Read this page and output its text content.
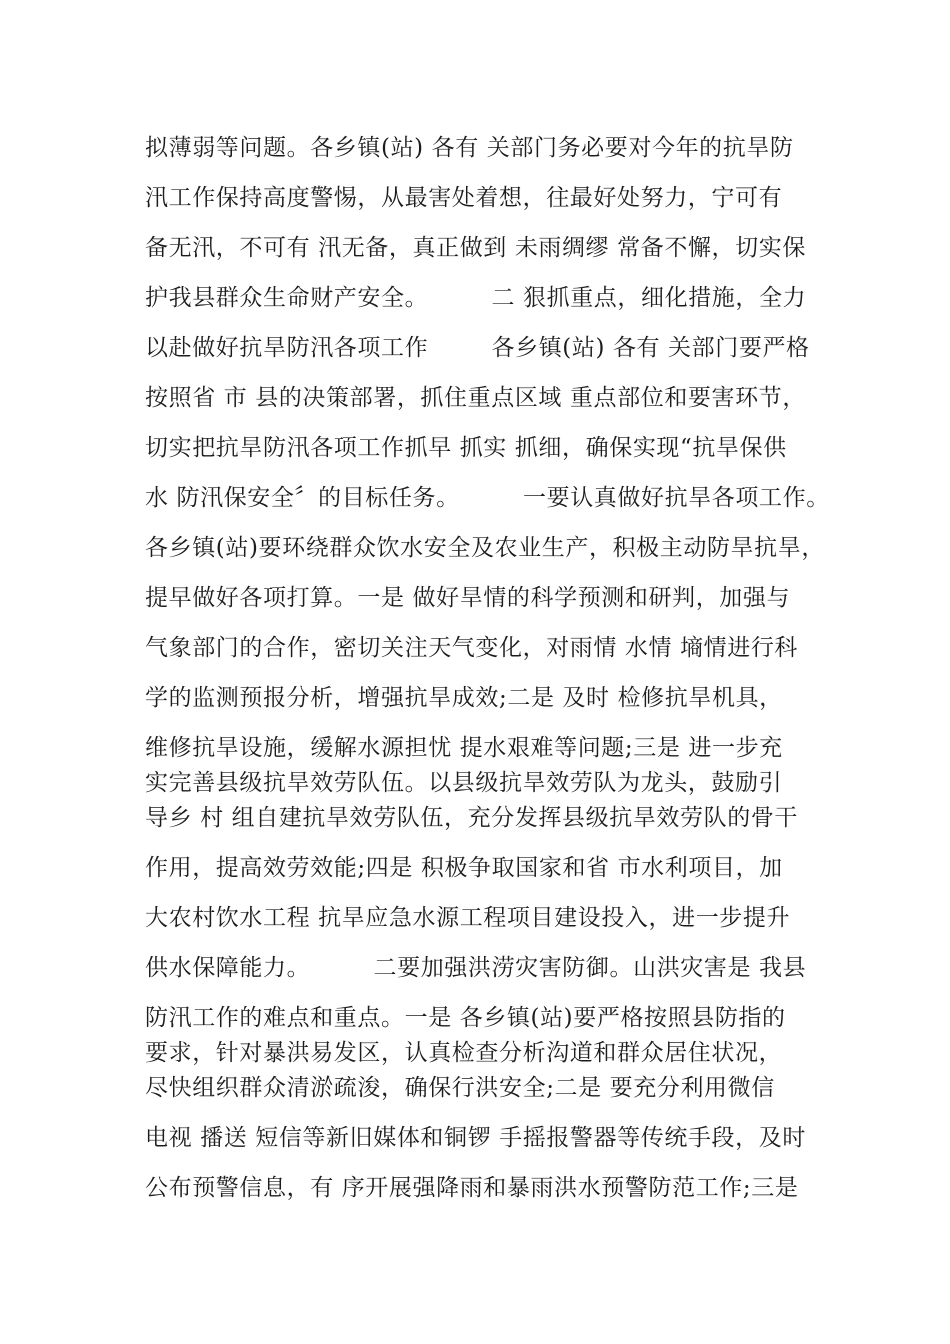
拟薄弱等问题。各乡镇(站) 各有 关部门务必要对今年的抗旱防
汛工作保持高度警惕，从最害处着想，往最好处努力，宁可有
备无汛，不可有 汛无备，真正做到 未雨绸缪 常备不懈，切实保
护我县群众生命财产安全。        二 狠抓重点，细化措施，全力
以赴做好抗旱防汛各项工作        各乡镇(站) 各有 关部门要严格
按照省 市 县的决策部署，抓住重点区域 重点部位和要害环节，
切实把抗旱防汛各项工作抓早 抓实 抓细，确保实现“抗旱保供
水 防汛保安全〞的目标任务。        一要认真做好抗旱各项工作。
各乡镇(站)要环绕群众饮水安全及农业生产，积极主动防旱抗旱，
提早做好各项打算。一是 做好旱情的科学预测和研判，加强与
气象部门的合作，密切关注天气变化，对雨情 水情 墒情进行科
学的监测预报分析，增强抗旱成效;二是 及时 检修抗旱机具，
维修抗旱设施，缓解水源担忧 提水艰难等问题;三是 进一步充
实完善县级抗旱效劳队伍。以县级抗旱效劳队为龙头，鼓励引
导乡 村 组自建抗旱效劳队伍，充分发挥县级抗旱效劳队的骨干
作用，提高效劳效能;四是 积极争取国家和省 市水利项目，加
大农村饮水工程 抗旱应急水源工程项目建设投入，进一步提升
供水保障能力。        二要加强洪涝灾害防御。山洪灾害是 我县
防汛工作的难点和重点。一是 各乡镇(站)要严格按照县防指的
要求，针对暴洪易发区，认真检查分析沟道和群众居住状况，
尽快组织群众清淤疏浚，确保行洪安全;二是 要充分利用微信
电视 播送 短信等新旧媒体和铜锣 手摇报警器等传统手段，及时
公布预警信息，有 序开展强降雨和暴雨洪水预警防范工作;三是
